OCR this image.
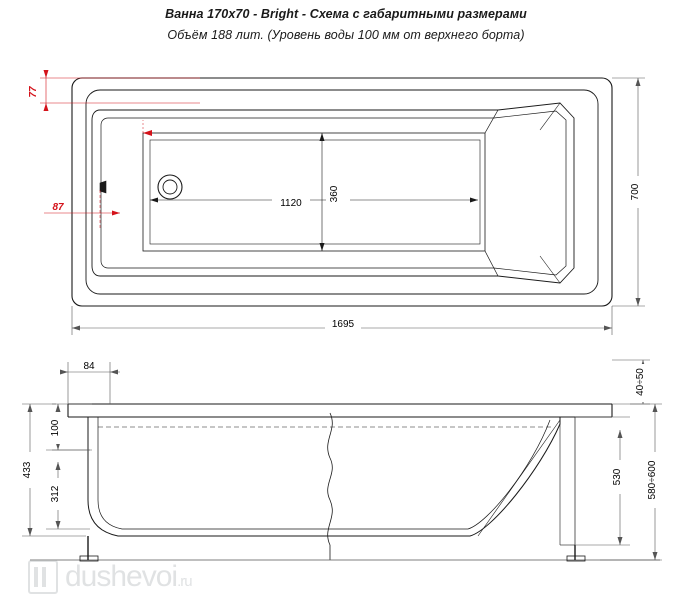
Ванна 170х70 - Bright - Схема с габаритными размерами
Объём 188 лит. (Уровень воды 100 мм от верхнего борта)
1695
700
1120
360
77
87
84
100
433
312
40÷50
530 580÷600
dushevoi.ru
